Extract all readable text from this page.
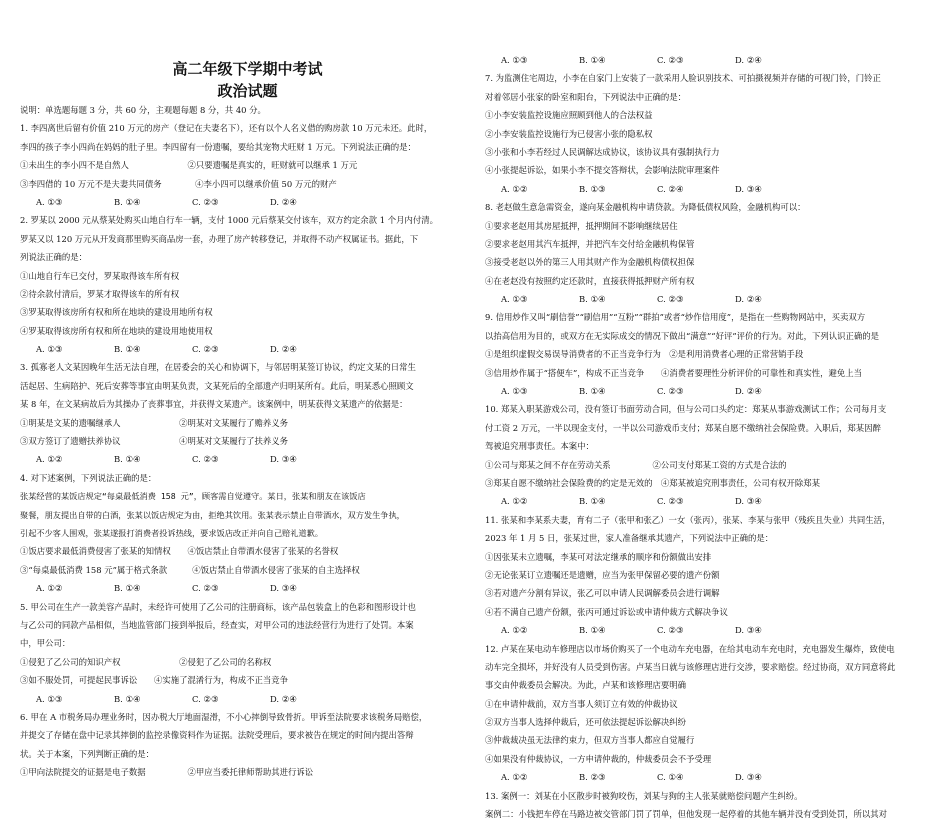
高二年级下学期中考试
政治试题
说明：单选题每题 3 分，共 60 分，主观题每题 8 分，共 40 分。
1. 李四离世后留有价值 210 万元的房产（登记在夫妻名下），还有以个人名义借的购房款 10 万元未还。此时，
李四的孩子李小四尚在妈妈的肚子里。李四留有一份遗嘱，要给其宠物犬旺财 1 万元。下列说法正确的是：
①未出生的李小四不是自然人　　　　　　　②只要遗嘱是真实的，旺财就可以继承 1 万元
③李四借的 10 万元不是夫妻共同债务　　　　④李小四可以继承价值 50 万元的财产
A. ①③	B. ①④	C. ②③	D. ②④
2. 罗某以 2000 元从蔡某处购买山地自行车一辆，支付 1000 元后蔡某交付该车，双方约定余款 1 个月内付清。
罗某又以 120 万元从开发商那里购买商品房一套，办理了房产转移登记，并取得不动产权属证书。据此，下
列说法正确的是：
①山地自行车已交付，罗某取得该车所有权
②待余款付清后，罗某才取得该车的所有权
③罗某取得该房所有权和所在地块的建设用地所有权
④罗某取得该房所有权和所在地块的建设用地使用权
A. ①③	B. ①④	C. ②③	D. ②④
3. 孤寡老人文某因晚年生活无法自理，在居委会的关心和协调下，与邻居明某签订协议，约定文某的日常生
活起居、生病陪护、死后安葬等事宜由明某负责，文某死后的全部遗产归明某所有。此后，明某悉心照顾文
某 8 年，在文某病故后为其操办了丧葬事宜，并获得文某遗产。该案例中，明某获得文某遗产的依据是：
①明某是文某的遗嘱继承人　　　　　　　②明某对文某履行了赡养义务
③双方签订了遗赠扶养协议　　　　　　　④明某对文某履行了扶养义务
A. ①②	B. ①④	C. ②③	D. ③④
4. 对下述案例，下列说法正确的是：
张某经营的某饭店规定“每桌最低消费 158 元”，顾客需自觉遵守。某日，张某和朋友在该饭店
聚餐，朋友提出自带的白酒，张某以饭店规定为由，拒绝其饮用。张某表示禁止自带酒水，双方发生争执，
引起不少客人围观，张某遂报打消费者投诉热线，要求饭店改正并向自己赔礼道歉。
①饭店要求最低消费侵害了张某的知情权　　④饭店禁止自带酒水侵害了张某的名誉权
③“每桌最低消费 158 元”属于格式条款　　　④饭店禁止自带酒水侵害了张某的自主选择权
A. ①②	B. ①④	C. ②③	D. ③④
5. 甲公司在生产一款美容产品时，未经许可使用了乙公司的注册商标，该产品包装盒上的色彩和图形设计也
与乙公司的同款产品相似，当地监管部门接到举报后，经查实，对甲公司的违法经营行为进行了处罚。本案
中，甲公司：
①侵犯了乙公司的知识产权　　　　　　　②侵犯了乙公司的名称权
③如不服处罚，可提起民事诉讼　　④实施了混淆行为，构成不正当竞争
A. ①③	B. ①④	C. ②③	D. ②④
6. 甲在 A 市税务局办理业务时，因办税大厅地面湿滑，不小心摔倒导致骨折。甲诉至法院要求该税务局赔偿，
并提交了存储在盘中记录其摔倒的监控录像资料作为证据。法院受理后，要求被告在规定的时间内提出答辩
状。关于本案，下列判断正确的是：
①甲向法院提交的证据是电子数据　　　　　②甲应当委托律师帮助其进行诉讼
A. ①③	B. ①④	C. ②③	D. ②④
7. 为监测住宅周边，小李在自家门上安装了一款采用人脸识别技术、可拍摄视频并存储的可视门铃，门铃正
对着邻居小张家的卧室和阳台，下列说法中正确的是：
①小李安装监控设施应照顾到他人的合法权益
②小李安装监控设施行为已侵害小张的隐私权
③小张和小李若经过人民调解达成协议，该协议具有强制执行力
④小张提起诉讼，如果小李不提交答辩状，会影响法院审理案件
A. ①②	B. ①③	C. ②④	D. ③④
8. 老赵做生意急需资金，遂向某金融机构申请贷款。为降低债权风险，金融机构可以：
①要求老赵用其房屋抵押，抵押期间不影响继续居住
②要求老赵用其汽车抵押，并把汽车交付给金融机构保管
③接受老赵以外的第三人用其财产作为金融机构债权担保
④在老赵没有按照约定还款时，直接获得抵押财产所有权
A. ①③	B. ①④	C. ②③	D. ②④
9. 信用炒作又叫“刷信誉”“刷信用”“互粉”“群拍”或者“炒作信用度”，是指在一些购物网站中，买卖双方
以抬高信用为目的，或双方在无实际成交的情况下做出“满意”“好评”评价的行为。对此，下列认识正确的是
①是组织虚假交易误导消费者的不正当竞争行为　②是利用消费者心理的正常营销手段
③信用炒作属于“搭便车”，构成不正当竞争　　④消费者要理性分析评价的可靠性和真实性，避免上当
A. ①③	B. ①④	C. ②③	D. ②④
10. 郑某入职某游戏公司，没有签订书面劳动合同，但与公司口头约定：郑某从事游戏测试工作；公司每月支
付工资 2 万元，一半以现金支付，一半以公司游戏币支付；郑某自愿不缴纳社会保险费。入职后，郑某因醉
驾被追究刑事责任。本案中：
①公司与郑某之间不存在劳动关系　　　　　②公司支付郑某工资的方式是合法的
③郑某自愿不缴纳社会保险费的约定是无效的　④郑某被追究刑事责任，公司有权开除郑某
A. ①②	B. ①④	C. ②③	D. ③④
11. 张某和李某系夫妻，育有二子（张甲和张乙）一女（张丙），张某、李某与张甲（残疾且失业）共同生活，
2023 年 1 月 5 日，张某过世，家人准备继承其遗产，下列说法中正确的是：
①因张某未立遗嘱，李某可对法定继承的顺序和份额做出安排
②无论张某订立遗嘱还是遗赠，应当为张甲保留必要的遗产份额
③若对遗产分割有异议，张乙可以申请人民调解委员会进行调解
④若不满自己遗产份额，张丙可通过诉讼或申请仲裁方式解决争议
A. ①②	B. ①④	C. ②③	D. ③④
12. 卢某在某电动车修理店以市场价购买了一个电动车充电器，在给其电动车充电时，充电器发生爆炸，致使电
动车完全损坏，并好没有人员受到伤害。卢某当日就与该修理店进行交涉，要求赔偿。经过协商，双方同意将此
事交由仲裁委员会解决。为此，卢某和该修理店要明确
①在申请仲裁前，双方当事人须订立有效的仲裁协议
②双方当事人选择仲裁后，还可依法提起诉讼解决纠纷
③仲裁裁决虽无法律约束力，但双方当事人都应自觉履行
④如果没有仲裁协议，一方申请仲裁的，仲裁委员会不予受理
A. ①②	B. ②③	C. ①④	D. ③④
13. 案例一：刘某在小区散步时被狗咬伤，刘某与狗的主人张某就赔偿问题产生纠纷。
案例二：小钱把车停在马路边被交管部门罚了罚单，但他发现一起停着的其他车辆并没有受到处罚，所以其对
